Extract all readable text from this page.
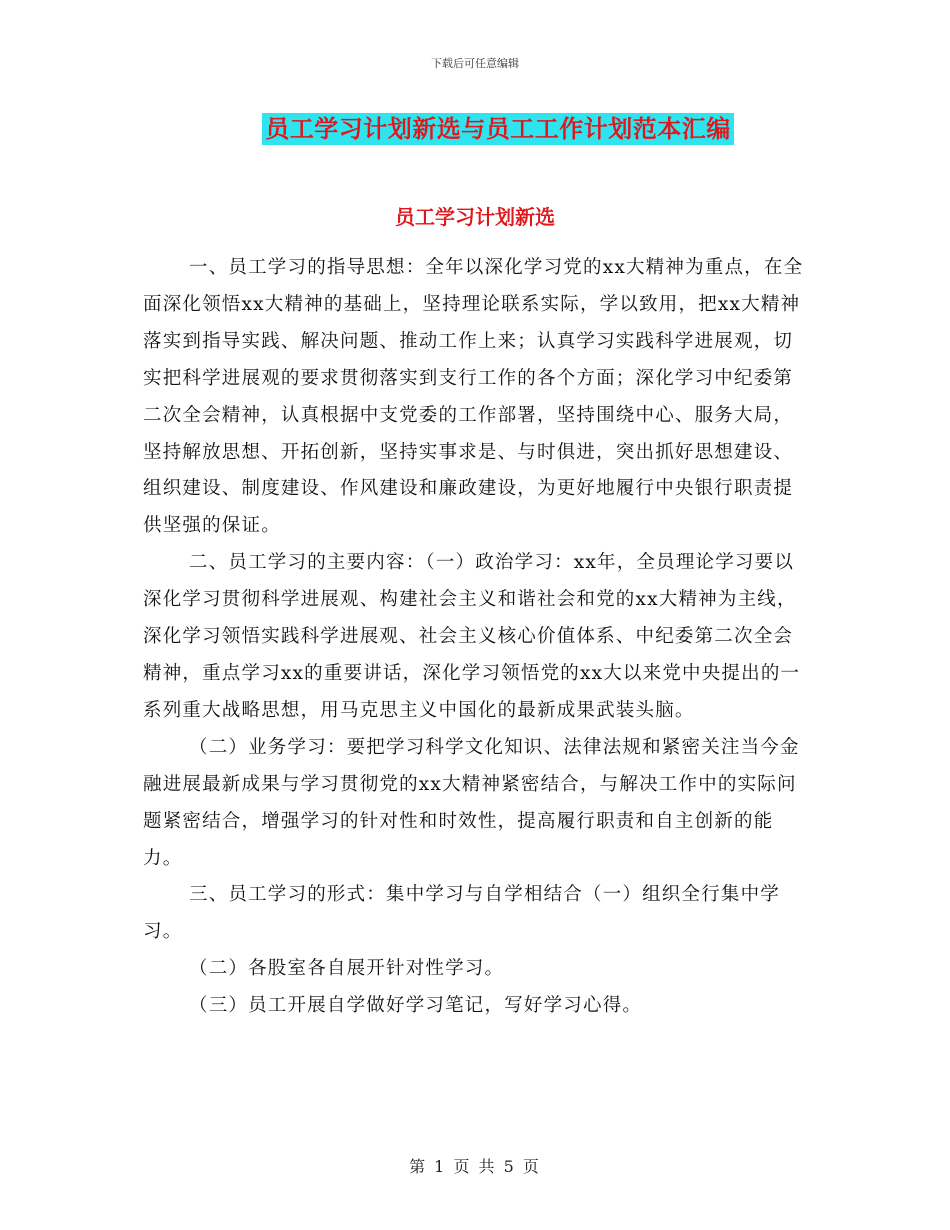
下载后可任意编辑
员工学习计划新选与员工工作计划范本汇编
员工学习计划新选

一、员工学习的指导思想：全年以深化学习党的xx大精神为重点，在全面深化领悟xx大精神的基础上，坚持理论联系实际，学以致用，把xx大精神落实到指导实践、解决问题、推动工作上来；认真学习实践科学进展观，切实把科学进展观的要求贯彻落实到支行工作的各个方面；深化学习中纪委第二次全会精神，认真根据中支党委的工作部署，坚持围绕中心、服务大局，坚持解放思想、开拓创新，坚持实事求是、与时俱进，突出抓好思想建设、组织建设、制度建设、作风建设和廉政建设，为更好地履行中央银行职责提供坚强的保证。

二、员工学习的主要内容：（一）政治学习：xx年，全员理论学习要以深化学习贯彻科学进展观、构建社会主义和谐社会和党的xx大精神为主线，深化学习领悟实践科学进展观、社会主义核心价值体系、中纪委第二次全会精神，重点学习xx的重要讲话，深化学习领悟党的xx大以来党中央提出的一系列重大战略思想，用马克思主义中国化的最新成果武装头脑。

（二）业务学习：要把学习科学文化知识、法律法规和紧密关注当今金融进展最新成果与学习贯彻党的xx大精神紧密结合，与解决工作中的实际问题紧密结合，增强学习的针对性和时效性，提高履行职责和自主创新的能力。

三、员工学习的形式：集中学习与自学相结合（一）组织全行集中学习。

（二）各股室各自展开针对性学习。

（三）员工开展自学做好学习笔记，写好学习心得。

第 1 页 共 5 页
